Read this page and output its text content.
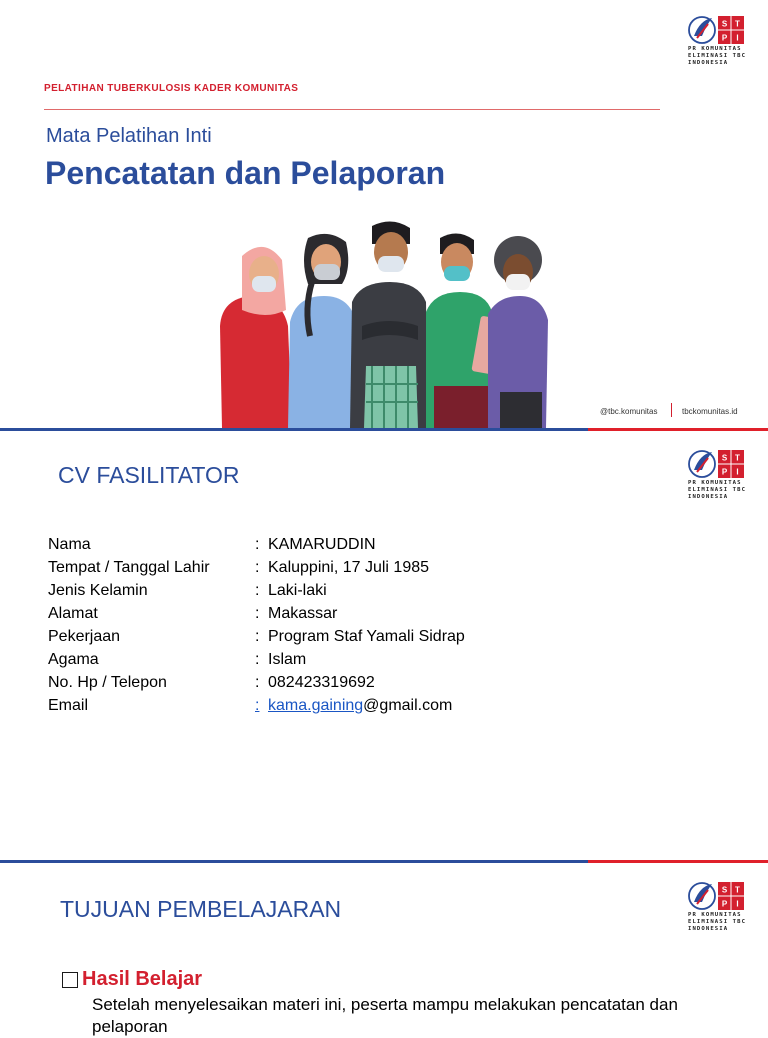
S T
P I
PR KOMUNITAS
ELIMINASI TBC
INDONESIA
PELATIHAN TUBERKULOSIS KADER KOMUNITAS
Mata Pelatihan Inti
Pencatatan dan Pelaporan
@tbc.komunitas	tbckomunitas.id
S T
P I
PR KOMUNITAS
ELIMINASI TBC
INDONESIA
CV FASILITATOR
Nama	: KAMARUDDIN
Tempat / Tanggal Lahir	: Kaluppini, 17 Juli 1985
Jenis Kelamin	: Laki-laki
Alamat	: Makassar
Pekerjaan	: Program Staf Yamali Sidrap
Agama	: Islam
No. Hp / Telepon	: 082423319692
Email	: kama.gaining@gmail.com
S T
P I
PR KOMUNITAS
ELIMINASI TBC
INDONESIA
TUJUAN PEMBELAJARAN
Hasil Belajar
Setelah menyelesaikan materi ini, peserta mampu melakukan pencatatan dan pelaporan
